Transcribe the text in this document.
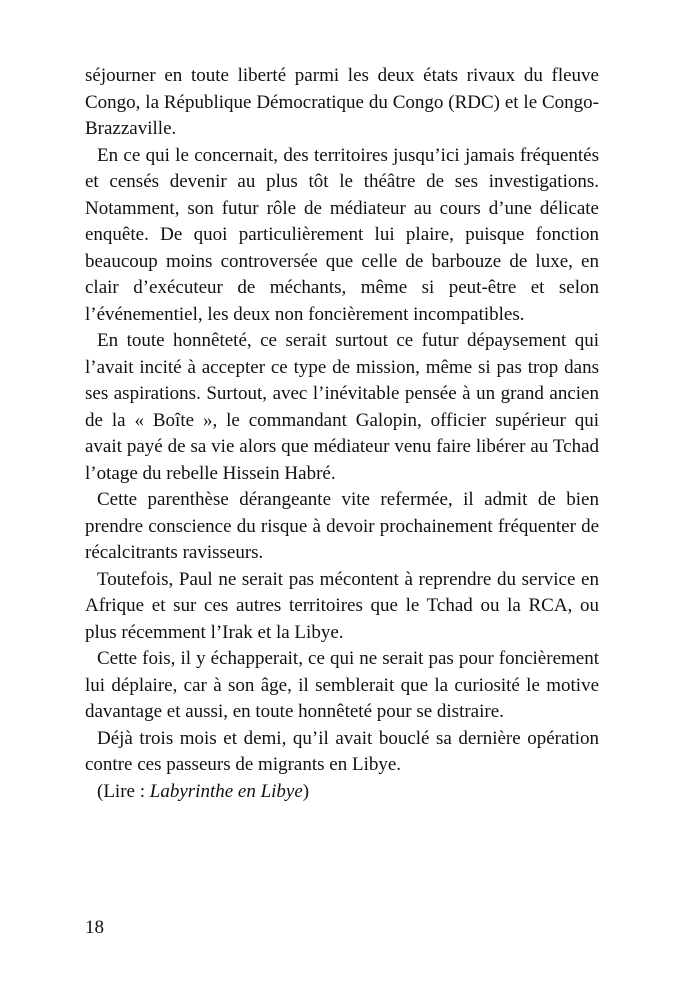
séjourner en toute liberté parmi les deux états rivaux du fleuve Congo, la République Démocratique du Congo (RDC) et le Congo-Brazzaville.

En ce qui le concernait, des territoires jusqu’ici jamais fréquentés et censés devenir au plus tôt le théâtre de ses investigations. Notamment, son futur rôle de médiateur au cours d’une délicate enquête. De quoi particulièrement lui plaire, puisque fonction beaucoup moins controversée que celle de barbouze de luxe, en clair d’exécuteur de méchants, même si peut-être et selon l’événementiel, les deux non foncièrement incompatibles.

En toute honnêteté, ce serait surtout ce futur dépaysement qui l’avait incité à accepter ce type de mission, même si pas trop dans ses aspirations. Surtout, avec l’inévitable pensée à un grand ancien de la « Boîte », le commandant Galopin, officier supérieur qui avait payé de sa vie alors que médiateur venu faire libérer au Tchad l’otage du rebelle Hissein Habré.

Cette parenthèse dérangeante vite refermée, il admit de bien prendre conscience du risque à devoir prochainement fréquenter de récalcitrants ravisseurs.

Toutefois, Paul ne serait pas mécontent à reprendre du service en Afrique et sur ces autres territoires que le Tchad ou la RCA, ou plus récemment l’Irak et la Libye.

Cette fois, il y échapperait, ce qui ne serait pas pour foncièrement lui déplaire, car à son âge, il semblerait que la curiosité le motive davantage et aussi, en toute honnêteté pour se distraire.

Déjà trois mois et demi, qu’il avait bouclé sa dernière opération contre ces passeurs de migrants en Libye.

(Lire : Labyrinthe en Libye)

18
